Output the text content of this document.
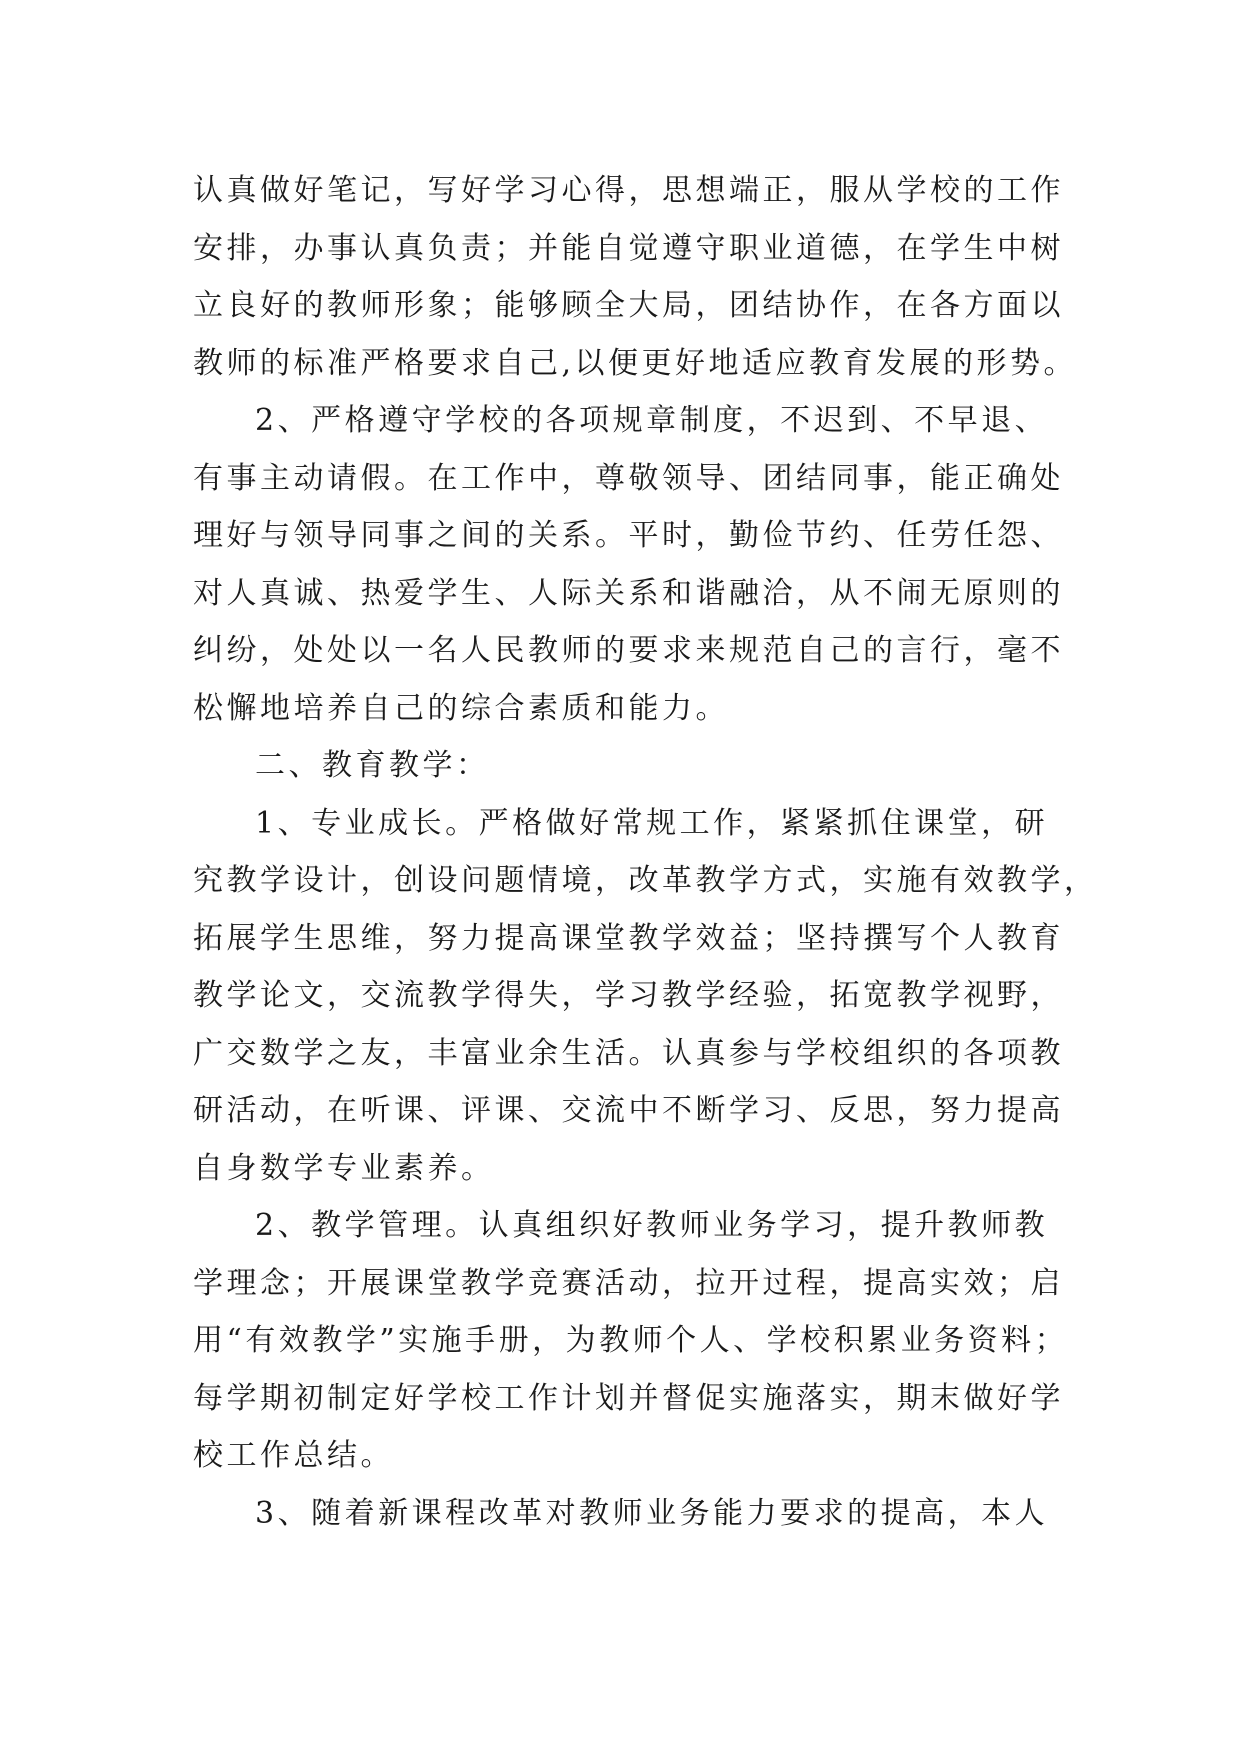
认真做好笔记，写好学习心得，思想端正，服从学校的工作
安排，办事认真负责；并能自觉遵守职业道德，在学生中树
立良好的教师形象；能够顾全大局，团结协作，在各方面以
教师的标准严格要求自己,以便更好地适应教育发展的形势。
2、严格遵守学校的各项规章制度，不迟到、不早退、
有事主动请假。在工作中，尊敬领导、团结同事，能正确处
理好与领导同事之间的关系。平时，勤俭节约、任劳任怨、
对人真诚、热爱学生、人际关系和谐融洽，从不闹无原则的
纠纷，处处以一名人民教师的要求来规范自己的言行，毫不
松懈地培养自己的综合素质和能力。
二、教育教学：
1、专业成长。严格做好常规工作，紧紧抓住课堂，研
究教学设计，创设问题情境，改革教学方式，实施有效教学，
拓展学生思维，努力提高课堂教学效益；坚持撰写个人教育
教学论文，交流教学得失，学习教学经验，拓宽教学视野，
广交数学之友，丰富业余生活。认真参与学校组织的各项教
研活动，在听课、评课、交流中不断学习、反思，努力提高
自身数学专业素养。
2、教学管理。认真组织好教师业务学习，提升教师教
学理念；开展课堂教学竞赛活动，拉开过程，提高实效；启
用“有效教学”实施手册，为教师个人、学校积累业务资料；
每学期初制定好学校工作计划并督促实施落实，期末做好学
校工作总结。
3、随着新课程改革对教师业务能力要求的提高，本人
